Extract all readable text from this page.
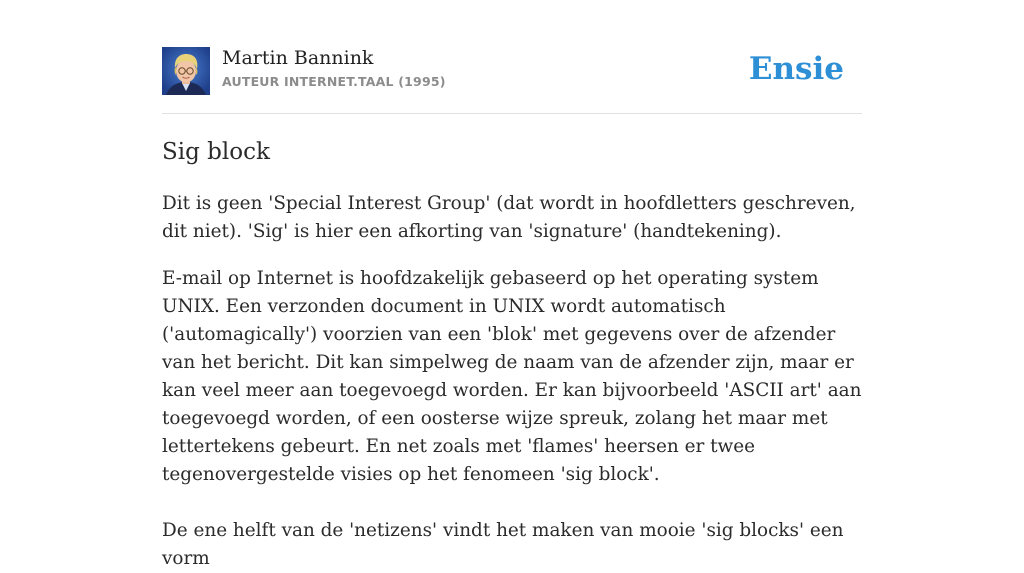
Martin Bannink
AUTEUR INTERNET.TAAL (1995)	Ensie
Sig block

Dit is geen 'Special Interest Group' (dat wordt in hoofdletters geschreven, dit niet). 'Sig' is hier een afkorting van 'signature' (handtekening).

E-mail op Internet is hoofdzakelijk gebaseerd op het operating system UNIX. Een verzonden document in UNIX wordt automatisch ('automagically') voorzien van een 'blok' met gegevens over de afzender van het bericht. Dit kan simpelweg de naam van de afzender zijn, maar er kan veel meer aan toegevoegd worden. Er kan bijvoorbeeld 'ASCII art' aan toegevoegd worden, of een oosterse wijze spreuk, zolang het maar met lettertekens gebeurt. En net zoals met 'flames' heersen er twee tegenovergestelde visies op het fenomeen 'sig block'.

De ene helft van de 'netizens' vindt het maken van mooie 'sig blocks' een vorm
